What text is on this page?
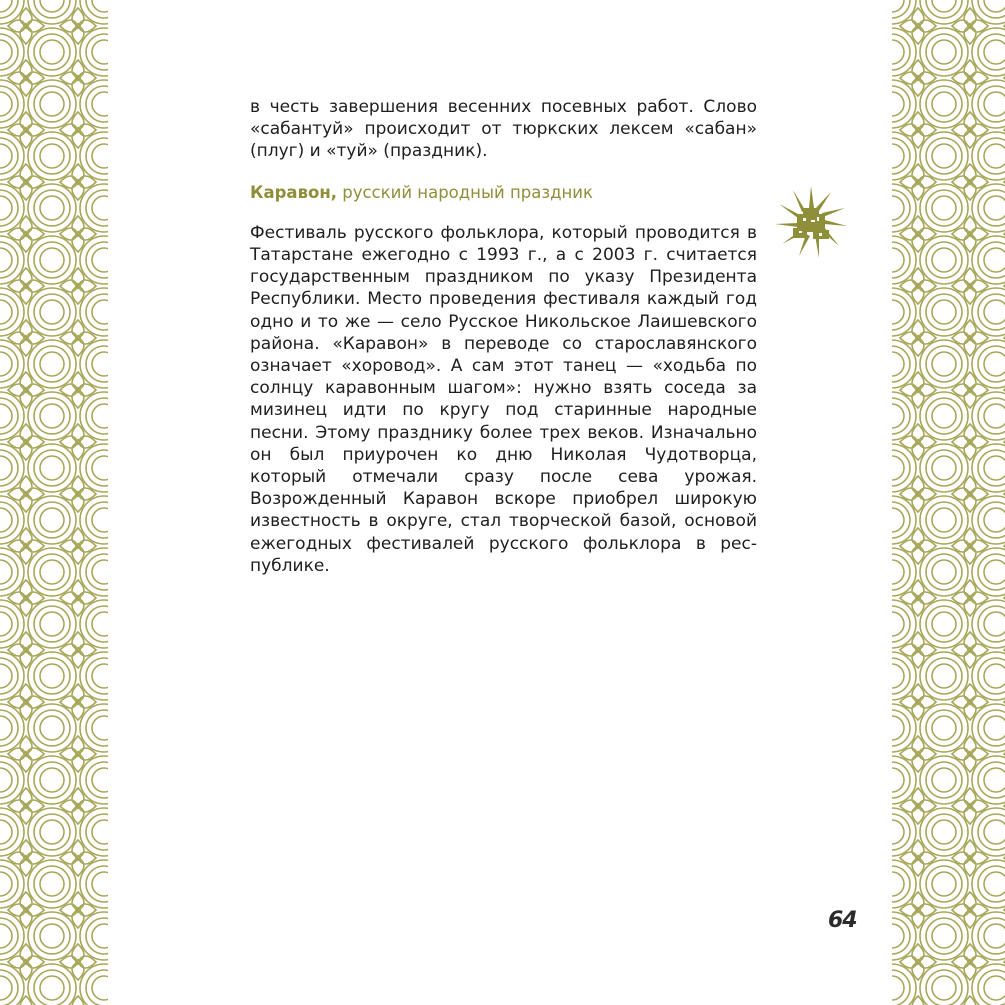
в честь завершения весенних посевных работ. Слово «сабантуй» происходит от тюркских лексем «сабан» (плуг) и «туй» (праздник).

Каравон, русский народный праздник

Фестиваль русского фольклора, который проводится в Татарстане ежегодно с 1993 г., а с 2003 г. считается государственным праздником по указу Президента Республики. Место проведения фестиваля каждый год одно и то же — село Русское Никольское Лаишевского района. «Каравон» в переводе со старославянского означает «хоровод». А сам этот танец — «ходьба по солнцу каравонным шагом»: нужно взять соседа за мизинец идти по кругу под старинные народные песни. Этому празднику более трех веков. Изначально он был приурочен ко дню Николая Чудотворца, который отмечали сразу после сева урожая. Возрожденный Каравон вскоре приобрел широкую известность в округе, стал творческой базой, основой ежегодных фестивалей русского фольклора в республике.

64
